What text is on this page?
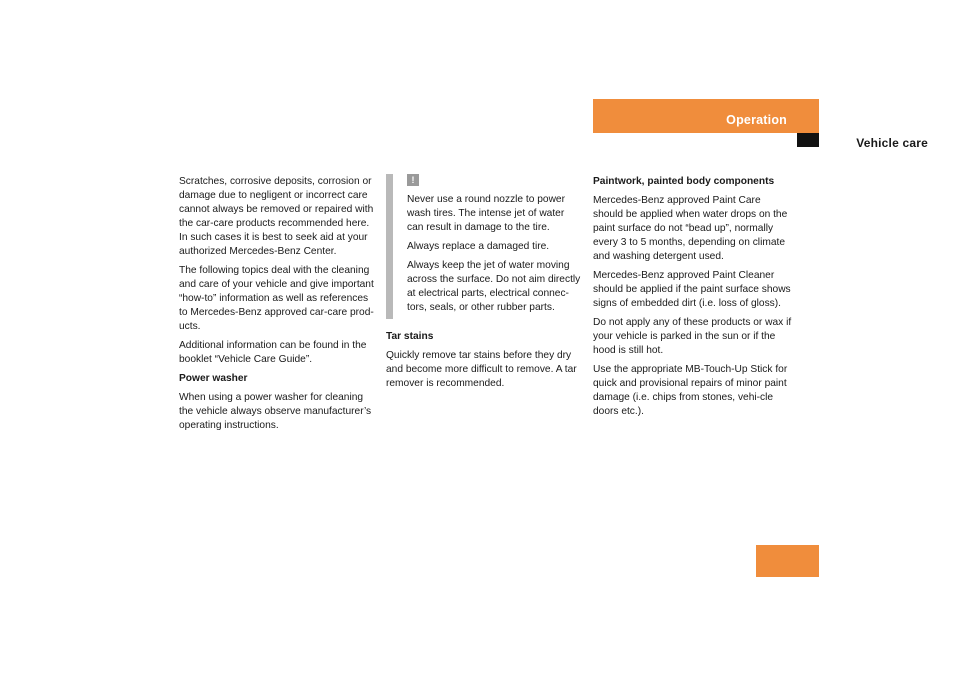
Operation
Vehicle care

Scratches, corrosive deposits, corrosion or damage due to negligent or incorrect care cannot always be removed or repaired with the car-care products recommended here. In such cases it is best to seek aid at your authorized Mercedes-Benz Center.

The following topics deal with the cleaning and care of your vehicle and give important “how-to” information as well as references to Mercedes-Benz approved car-care prod-ucts.

Additional information can be found in the booklet “Vehicle Care Guide”.

Power washer

When using a power washer for cleaning the vehicle always observe manufacturer’s operating instructions.

!

Never use a round nozzle to power wash tires. The intense jet of water can result in damage to the tire.

Always replace a damaged tire.

Always keep the jet of water moving across the surface. Do not aim directly at electrical parts, electrical connec-tors, seals, or other rubber parts.

Tar stains

Quickly remove tar stains before they dry and become more difficult to remove. A tar remover is recommended.

Paintwork, painted body components

Mercedes-Benz approved Paint Care should be applied when water drops on the paint surface do not “bead up”, normally every 3 to 5 months, depending on climate and washing detergent used.

Mercedes-Benz approved Paint Cleaner should be applied if the paint surface shows signs of embedded dirt (i.e. loss of gloss).

Do not apply any of these products or wax if your vehicle is parked in the sun or if the hood is still hot.

Use the appropriate MB-Touch-Up Stick for quick and provisional repairs of minor paint damage (i.e. chips from stones, vehi-cle doors etc.).

249
